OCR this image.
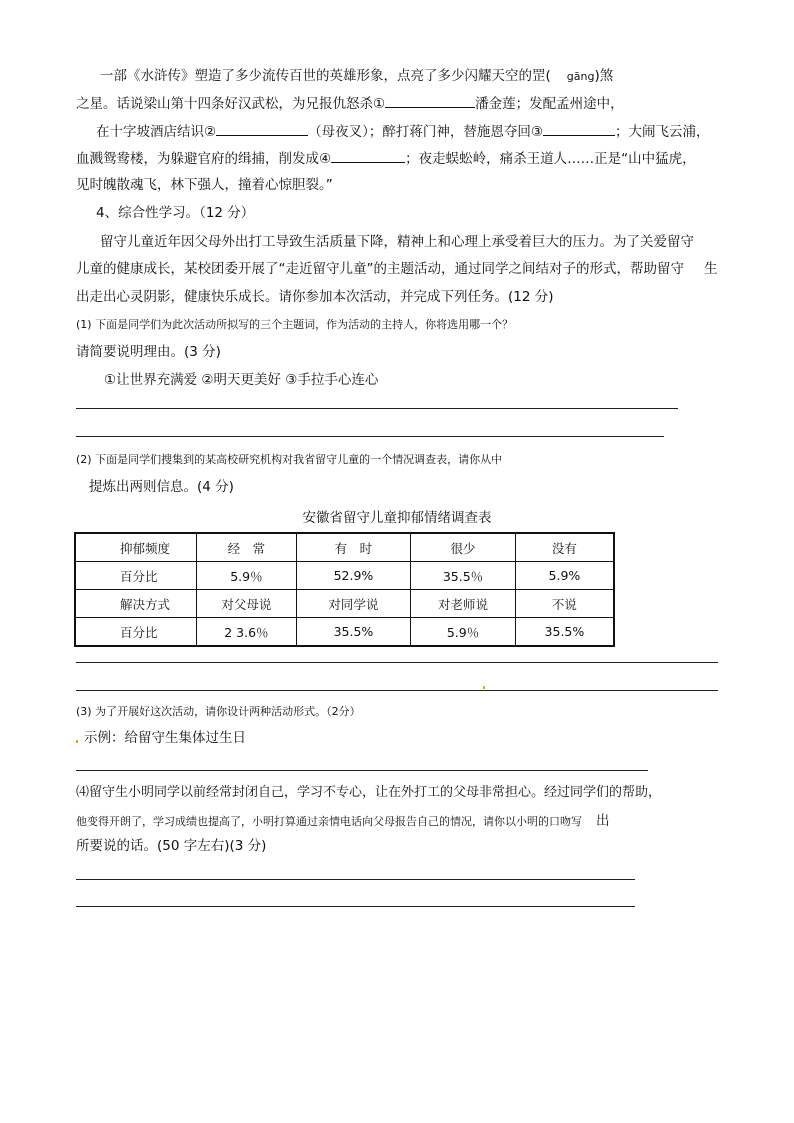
一部《水浒传》塑造了多少流传百世的英雄形象，点亮了多少闪耀天空的罡( gāng)煞
之星。话说梁山第十四条好汉武松，为兄报仇怒杀①	潘金莲；发配孟州途中，
在十字坡酒店结识②	（母夜叉）；醉打蒋门神，替施恩夺回③	；大闹飞云浦，
血溅鸳鸯楼，为躲避官府的缉捕，削发成④	；夜走蜈蚣岭，痛杀王道人……正是“山中猛虎，
见时魄散魂飞，林下强人，撞着心惊胆裂。”
4、综合性学习。（12 分）
留守儿童近年因父母外出打工导致生活质量下降，精神上和心理上承受着巨大的压力。为了关爱留守
儿童的健康成长，某校团委开展了“走近留守儿童”的主题活动，通过同学之间结对子的形式，帮助留守 生
出走出心灵阴影，健康快乐成长。请你参加本次活动，并完成下列任务。(12 分)
(1) 下面是同学们为此次活动所拟写的三个主题词，作为活动的主持人，你将选用哪一个？
请简要说明理由。(3 分)
①让世界充满爱 ②明天更美好 ③手拉手心连心
(2) 下面是同学们搜集到的某高校研究机构对我省留守儿童的一个情况调查表，请你从中
提炼出两则信息。(4 分)
安徽省留守儿童抑郁情绪调查表
抑郁频度	经　常	有　时	很少	没有
百分比	5.9％	52.9%	35.5％	5.9%
解决方式	对父母说	对同学说	对老师说	不说
百分比	2 3.6％	35.5%	5.9％	35.5%
(3) 为了开展好这次活动，请你设计两种活动形式。（2分）
示例：给留守生集体过生日
⑷留守生小明同学以前经常封闭自己，学习不专心，让在外打工的父母非常担心。经过同学们的帮助，
他变得开朗了，学习成绩也提高了，小明打算通过亲情电话向父母报告自己的情况，请你以小明的口吻写 出
所要说的话。(50 字左右)(3 分)
